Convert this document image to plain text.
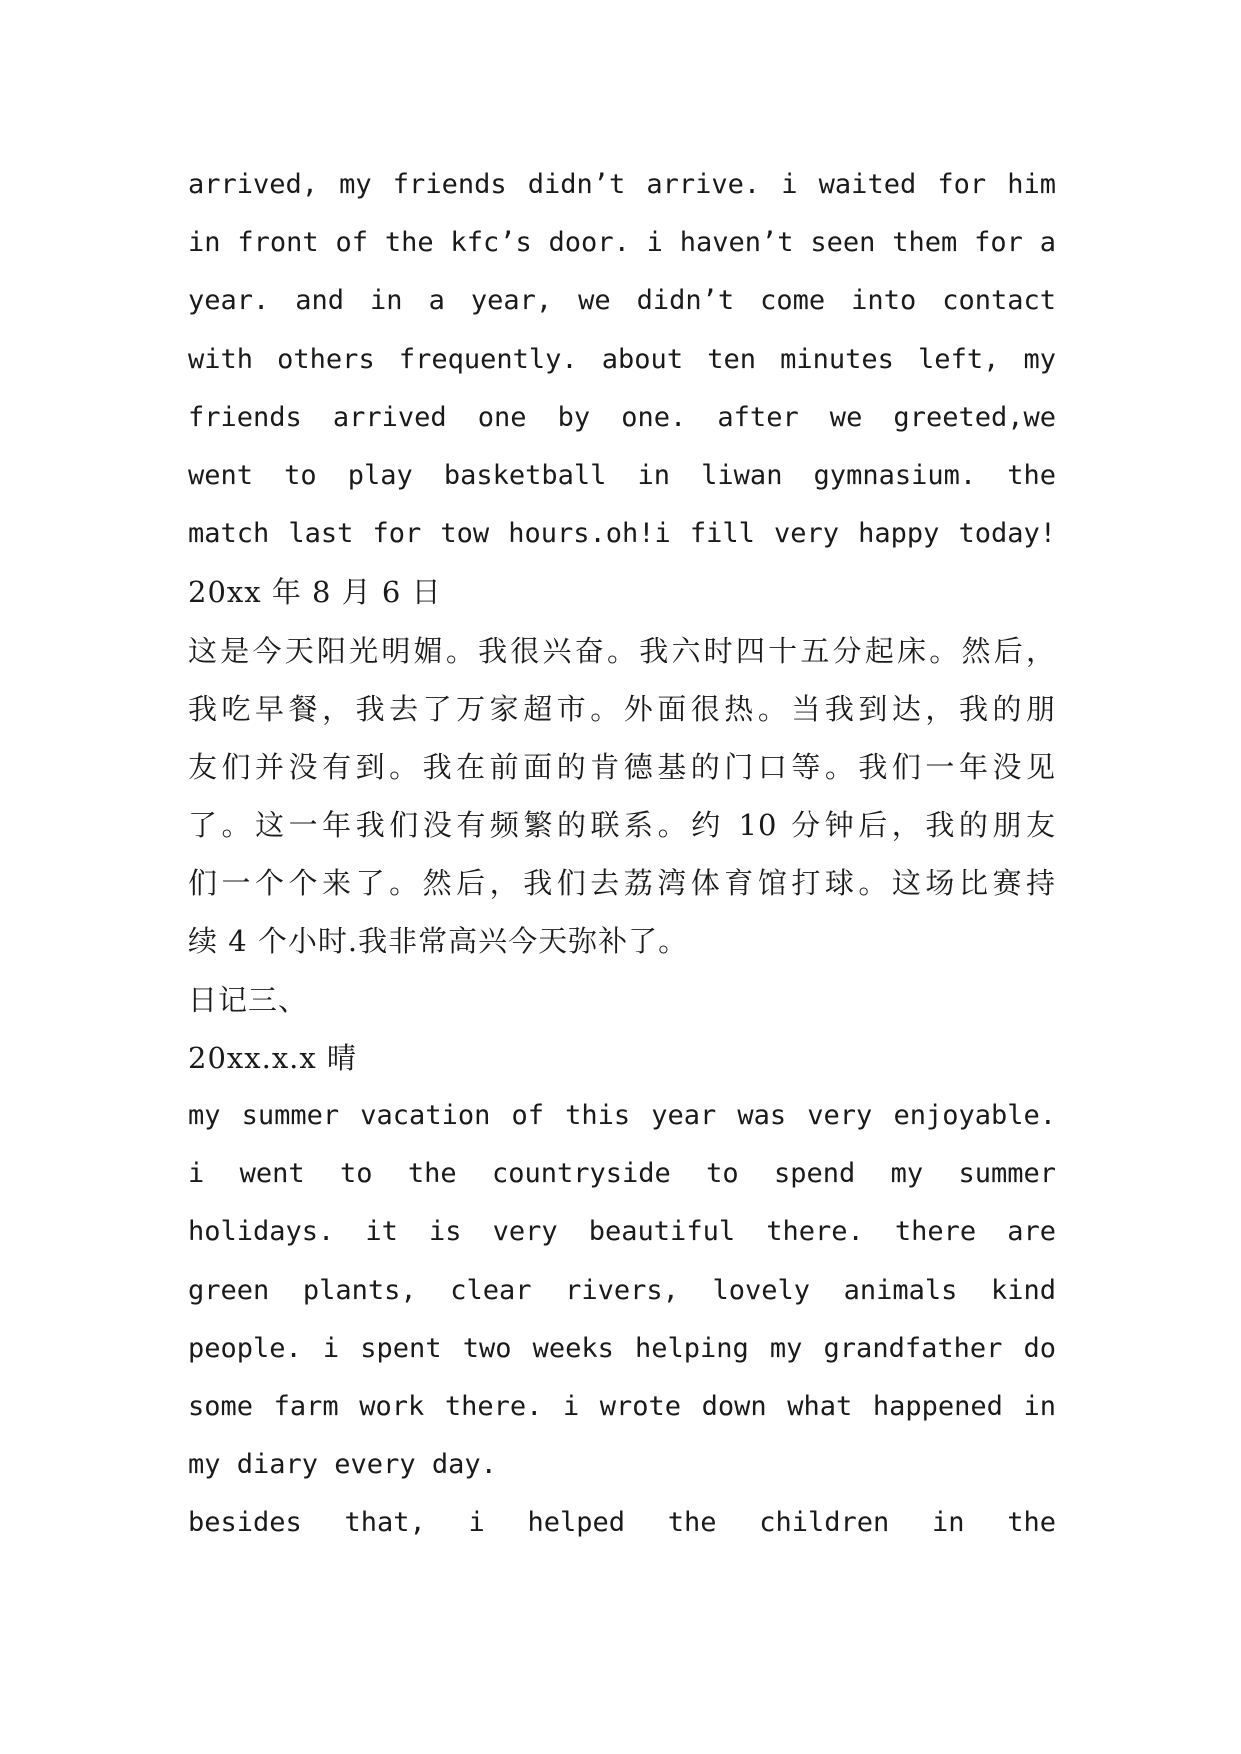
arrived, my friends didn’t arrive. i waited for him
in front of the kfc’s door. i haven’t seen them for a
year. and in a year, we didn’t come into contact
with others frequently. about ten minutes left, my
friends arrived one by one. after we greeted,we
went to play basketball in liwan gymnasium. the
match last for tow hours.oh!i fill very happy today!
20xx 年 8 月 6 日
这是今天阳光明媚。我很兴奋。我六时四十五分起床。然后，
我吃早餐，我去了万家超市。外面很热。当我到达，我的朋
友们并没有到。我在前面的肯德基的门口等。我们一年没见
了。这一年我们没有频繁的联系。约 10 分钟后，我的朋友
们一个个来了。然后，我们去荔湾体育馆打球。这场比赛持
续 4 个小时.我非常高兴今天弥补了。
日记三、
20xx.x.x 晴
my summer vacation of this year was very enjoyable.
i went to the countryside to spend my summer
holidays. it is very beautiful there. there are
green plants, clear rivers, lovely animals kind
people. i spent two weeks helping my grandfather do
some farm work there. i wrote down what happened in
my diary every day.
besides that, i helped the children in the
